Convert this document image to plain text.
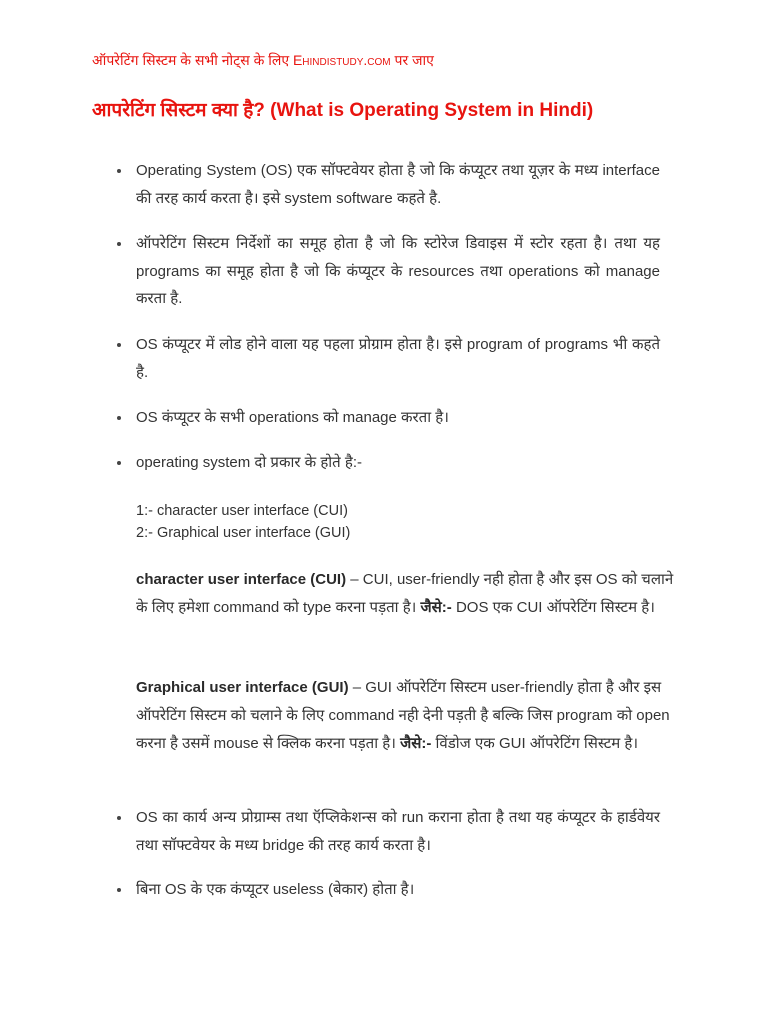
ऑपरेटिंग सिस्टम के सभी नोट्स के लिए Ehindistudy.com पर जाए
आपरेटिंग सिस्टम क्या है? (What is Operating System in Hindi)
Operating System (OS) एक सॉफ्टवेयर होता है जो कि कंप्यूटर तथा यूज़र के मध्य interface की तरह कार्य करता है। इसे system software कहते है.
ऑपरेटिंग सिस्टम निर्देशों का समूह होता है जो कि स्टोरेज डिवाइस में स्टोर रहता है। तथा यह programs का समूह होता है जो कि कंप्यूटर के resources तथा operations को manage करता है.
OS कंप्यूटर में लोड होने वाला यह पहला प्रोग्राम होता है। इसे program of programs भी कहते है.
OS कंप्यूटर के सभी operations को manage करता है।
operating system दो प्रकार के होते है:-
1:- character user interface (CUI)
2:- Graphical user interface (GUI)
character user interface (CUI) – CUI, user-friendly नही होता है और इस OS को चलाने के लिए हमेशा command को type करना पड़ता है। जैसे:- DOS एक CUI ऑपरेटिंग सिस्टम है।
Graphical user interface (GUI) – GUI ऑपरेटिंग सिस्टम user-friendly होता है और इस ऑपरेटिंग सिस्टम को चलाने के लिए command नही देनी पड़ती है बल्कि जिस program को open करना है उसमें mouse से क्लिक करना पड़ता है। जैसे:- विंडोज एक GUI ऑपरेटिंग सिस्टम है।
OS का कार्य अन्य प्रोग्राम्स तथा ऍप्लिकेशन्स को run कराना होता है तथा यह कंप्यूटर के हार्डवेयर तथा सॉफ्टवेयर के मध्य bridge की तरह कार्य करता है।
बिना OS के एक कंप्यूटर useless (बेकार) होता है।
